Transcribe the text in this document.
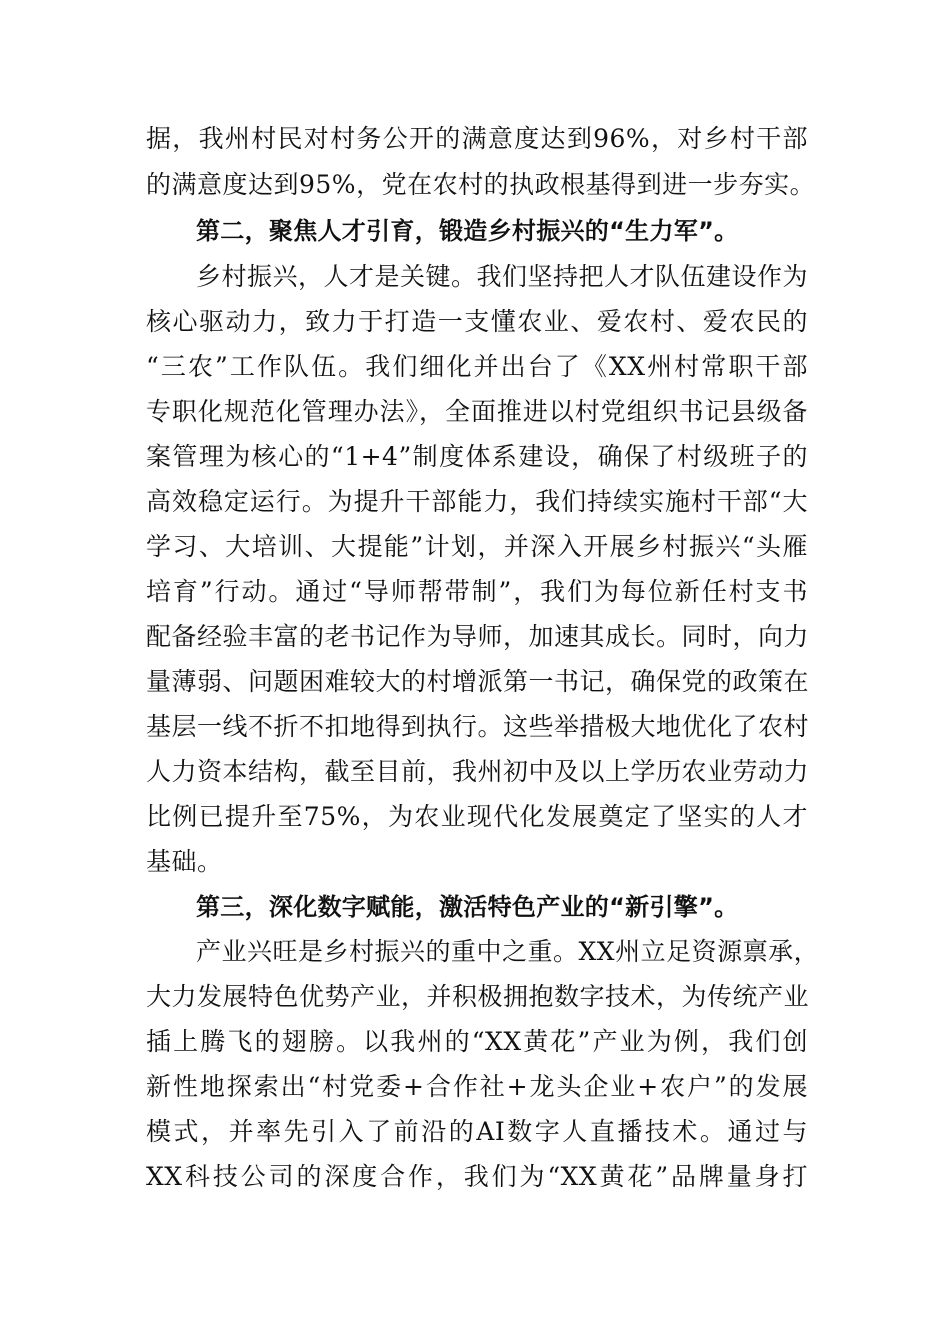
据，我州村民对村务公开的满意度达到96%，对乡村干部
的满意度达到95%，党在农村的执政根基得到进一步夯实。
第二，聚焦人才引育，锻造乡村振兴的“生力军”。
乡村振兴，人才是关键。我们坚持把人才队伍建设作为
核心驱动力，致力于打造一支懂农业、爱农村、爱农民的
“三农”工作队伍。我们细化并出台了《XX州村常职干部
专职化规范化管理办法》，全面推进以村党组织书记县级备
案管理为核心的“1+4”制度体系建设，确保了村级班子的
高效稳定运行。为提升干部能力，我们持续实施村干部“大
学习、大培训、大提能”计划，并深入开展乡村振兴“头雁
培育”行动。通过“导师帮带制”，我们为每位新任村支书
配备经验丰富的老书记作为导师，加速其成长。同时，向力
量薄弱、问题困难较大的村增派第一书记，确保党的政策在
基层一线不折不扣地得到执行。这些举措极大地优化了农村
人力资本结构，截至目前，我州初中及以上学历农业劳动力
比例已提升至75%，为农业现代化发展奠定了坚实的人才
基础。
第三，深化数字赋能，激活特色产业的“新引擎”。
产业兴旺是乡村振兴的重中之重。XX州立足资源禀承，
大力发展特色优势产业，并积极拥抱数字技术，为传统产业
插上腾飞的翅膀。以我州的“XX黄花”产业为例，我们创
新性地探索出“村党委+合作社+龙头企业+农户”的发展
模式，并率先引入了前沿的AI数字人直播技术。通过与
XX科技公司的深度合作，我们为“XX黄花”品牌量身打
